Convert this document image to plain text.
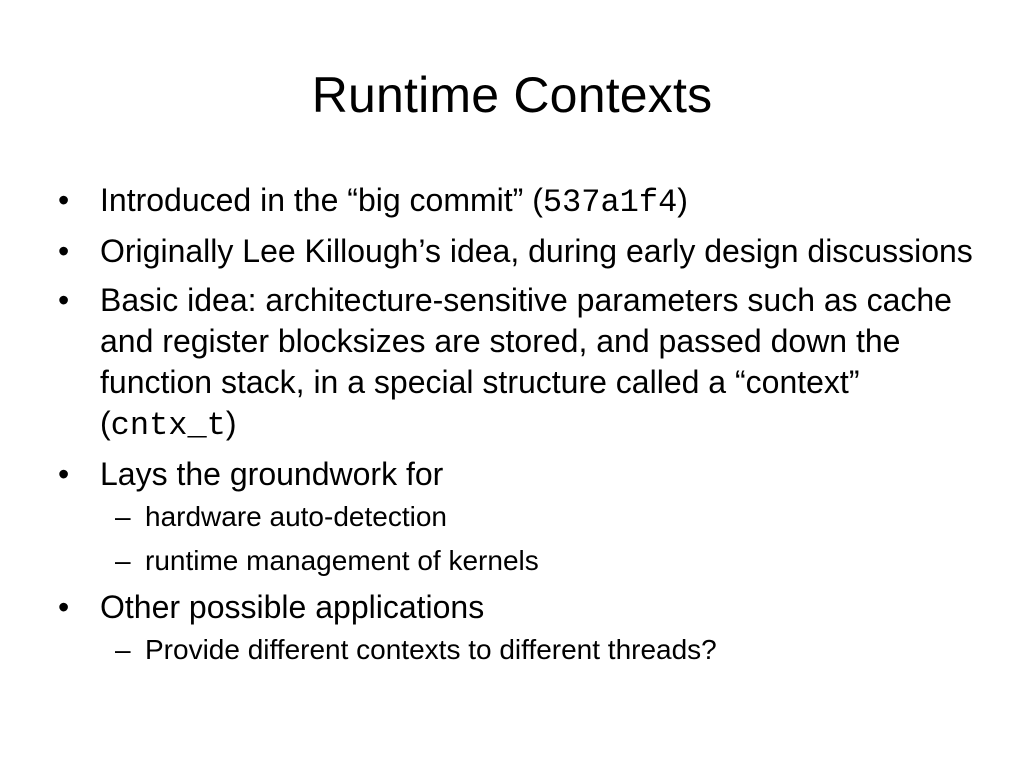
Runtime Contexts
• Introduced in the “big commit” (537a1f4)
• Originally Lee Killough’s idea, during early design discussions
• Basic idea: architecture-sensitive parameters such as cache and register blocksizes are stored, and passed down the function stack, in a special structure called a “context” (cntx_t)
• Lays the groundwork for
– hardware auto-detection
– runtime management of kernels
• Other possible applications
– Provide different contexts to different threads?
